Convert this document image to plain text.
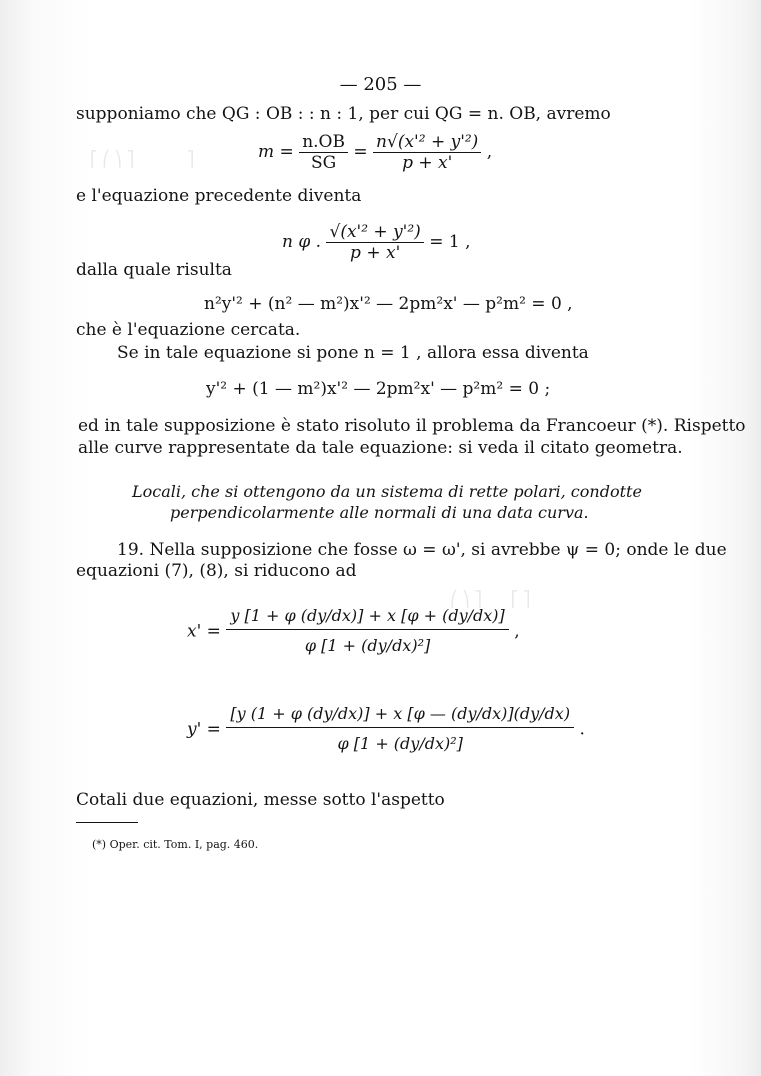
⎡ ⎛ ⎞ ⎤           ⎤
⎛ ⎞ ⎤      ⎡ ⎤
— 205 —
supponiamo che QG : OB : : n : 1, per cui QG = n. OB, avremo
$m = \frac{n.OB}{SG} = \frac{\text{n√(x'² + y'²)}}{p + x'}$ ,
e l'equazione precedente diventa
n φ . $\frac{\text{√(x'² + y'²)}}{p + x'} = 1$ ,
dalla quale risulta
n²y'² + (n² — m²)x'² — 2pm²x' — p²m² = 0 ,
che è l'equazione cercata.
Se in tale equazione si pone n = 1 , allora essa diventa
y'² + (1 — m²)x'² — 2pm²x' — p²m² = 0 ;
ed in tale supposizione è stato risoluto il problema da Francoeur (*). Rispetto
alle curve rappresentate da tale equazione: si veda il citato geometra.
Locali, che si ottengono da un sistema di rette polari, condotte
perpendicolarmente alle normali di una data curva.
19. Nella supposizione che fosse ω = ω', si avrebbe ψ = 0; onde le due
equazioni (7), (8), si riducono ad
$x' = \frac{y [1 + \varphi (dy/dx)] + x [\varphi + (dy/dx)]}{\text{φ [1 + (dy/dx)²]}}$ ,
$y' = \frac{[y (1 + \varphi (dy/dx)] + x [\varphi — (dy/dx)](dy/dx)}{\text{φ [1 + (dy/dx)²]}}$ .
Cotali due equazioni, messe sotto l'aspetto
(*) Oper. cit. Tom. I, pag. 460.
